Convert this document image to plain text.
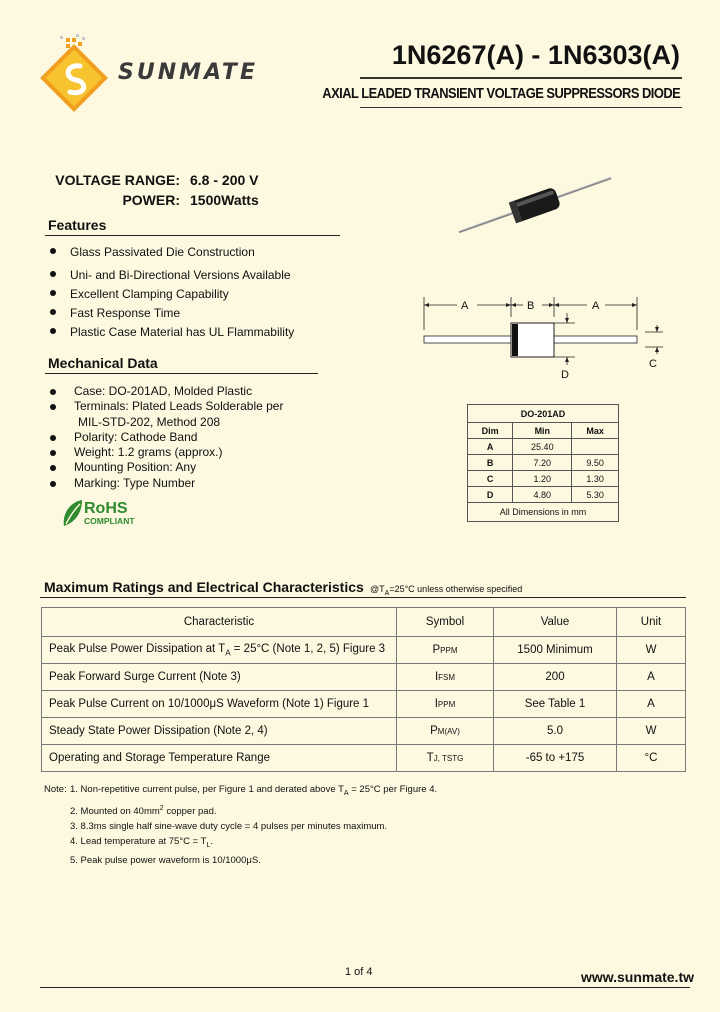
SUNMATE
1N6267(A) - 1N6303(A)
AXIAL LEADED TRANSIENT VOLTAGE SUPPRESSORS DIODE
VOLTAGE RANGE: 6.8 - 200 V
POWER: 1500Watts
Features
Glass Passivated Die Construction
Uni- and Bi-Directional Versions Available
Excellent Clamping Capability
Fast Response Time
Plastic Case Material has UL Flammability
Mechanical Data
Case: DO-201AD, Molded Plastic
Terminals: Plated Leads Solderable per
MIL-STD-202, Method 208
Polarity: Cathode Band
Weight: 1.2 grams (approx.)
Mounting Position: Any
Marking: Type Number
RoHS
COMPLIANT
A	B	A
C
D
DO-201AD		
Dim	Min	Max
A	25.40	
B	7.20	9.50
C	1.20	1.30
D	4.80	5.30
All Dimensions in mm		
Maximum Ratings and Electrical Characteristics $@T_A=25^\circ C$ unless otherwise specified
Characteristic	Symbol	Value	Unit
Peak Pulse Power Dissipation at $T_A = 25^\circ C$ (Note 1, 2, 5) Figure 3	PPPM	1500 Minimum	W
Peak Forward Surge Current (Note 3)	IFSM	200	A
Peak Pulse Current on 10/1000μS Waveform (Note 1) Figure 1	IPPM	See Table 1	A
Steady State Power Dissipation (Note 2, 4)	PM(AV)	5.0	W
Operating and Storage Temperature Range	TJ, TSTG	-65 to +175	°C
Note: 1. Non-repetitive current pulse, per Figure 1 and derated above $T_A = 25^\circ C$ per Figure 4.
2. Mounted on $40mm^2$ copper pad.
3. 8.3ms single half sine-wave duty cycle = 4 pulses per minutes maximum.
4. Lead temperature at $75^\circ C = T_L$.
5. Peak pulse power waveform is 10/1000μS.
1 of 4	www.sunmate.tw
